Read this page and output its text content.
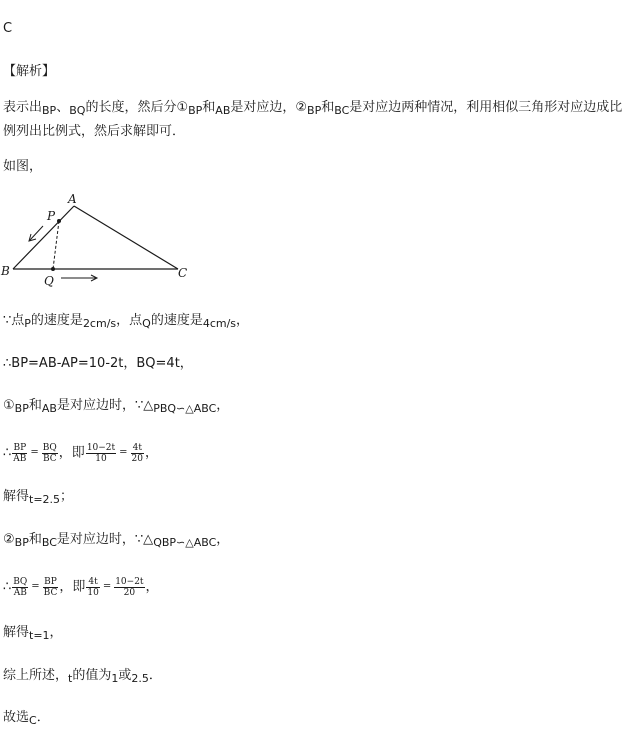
C
【解析】
表示出$_{BP}$、$_{BQ}$的长度，然后分$①_{BP}$和$_{AB}$是对应边，$②_{BP}$和$_{BC}$是对应边两种情况，利用相似三角形对应边成比例列出比例式，然后求解即可．
如图，
A
B	C
P
Q
∵点$_P$的速度是$_{2cm/s}$，点$_Q$的速度是$_{4cm/s}$，
∴BP=AB-AP=10-2t，BQ=4t，
$①_{BP}$和$_{AB}$是对应边时，$\because\triangle_{PBQ∽\triangle ABC}$，
∴ $\frac{BP}{AB} = \frac{BQ}{BC}$ ，即 $\frac{10-2t}{10} = \frac{4t}{20}$ ，
解得$_{t=2.5}$；
$②_{BP}$和$_{BC}$是对应边时，$\because\triangle_{QBP∽\triangle ABC}$，
∴ $\frac{BQ}{AB} = \frac{BP}{BC}$ ，即 $\frac{4t}{10} = \frac{10-2t}{20}$ ，
解得$_{t=1}$，
综上所述，$_t$的值为$_1$或$_{2.5}$．
故选$_C$．
